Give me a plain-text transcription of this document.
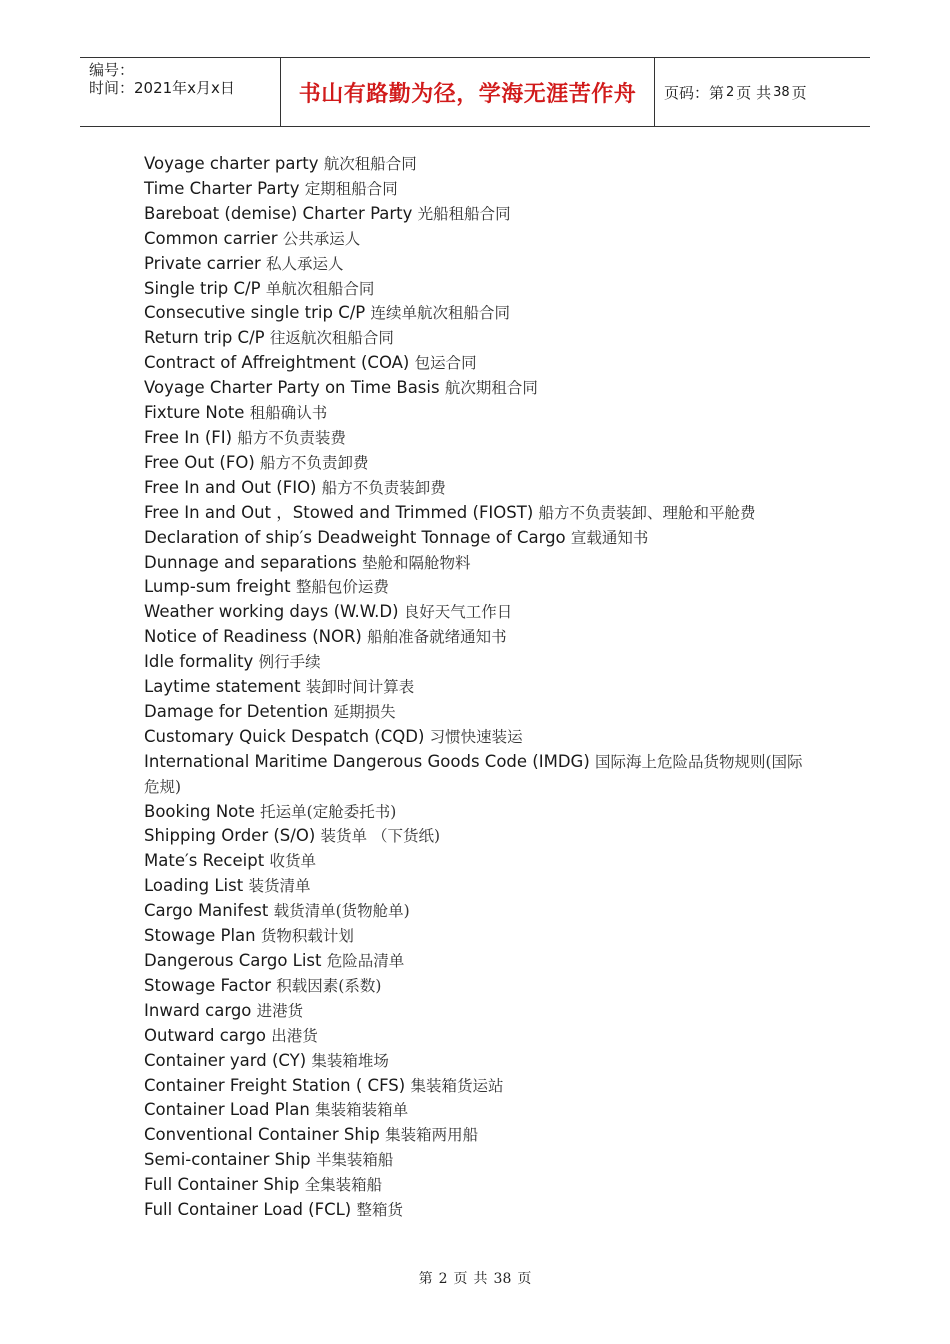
编号：
时间：2021年x月x日	书山有路勤为径，学海无涯苦作舟	页码：第 2 页 共 38 页
Voyage charter party 航次租船合同
Time Charter Party 定期租船合同
Bareboat (demise) Charter Party 光船租船合同
Common carrier 公共承运人
Private carrier 私人承运人
Single trip C/P 单航次租船合同
Consecutive single trip C/P 连续单航次租船合同
Return trip C/P 往返航次租船合同
Contract of Affreightment (COA) 包运合同
Voyage Charter Party on Time Basis 航次期租合同
Fixture Note 租船确认书
Free In (FI) 船方不负责装费
Free Out (FO) 船方不负责卸费
Free In and Out (FIO) 船方不负责装卸费
Free In and Out ，Stowed and Trimmed (FIOST) 船方不负责装卸、理舱和平舱费
Declaration of ship′s Deadweight Tonnage of Cargo 宣载通知书
Dunnage and separations 垫舱和隔舱物料
Lump-sum freight 整船包价运费
Weather working days (W.W.D) 良好天气工作日
Notice of Readiness (NOR) 船舶准备就绪通知书
Idle formality 例行手续
Laytime statement 装卸时间计算表
Damage for Detention 延期损失
Customary Quick Despatch (CQD) 习惯快速装运
International Maritime Dangerous Goods Code (IMDG) 国际海上危险品货物规则(国际危规)
Booking Note 托运单(定舱委托书)
Shipping Order (S/O) 装货单 （下货纸)
Mate′s Receipt 收货单
Loading List 装货清单
Cargo Manifest 载货清单(货物舱单)
Stowage Plan 货物积载计划
Dangerous Cargo List 危险品清单
Stowage Factor 积载因素(系数)
Inward cargo 进港货
Outward cargo 出港货
Container yard (CY) 集装箱堆场
Container Freight Station ( CFS) 集装箱货运站
Container Load Plan 集装箱装箱单
Conventional Container Ship 集装箱两用船
Semi-container Ship 半集装箱船
Full Container Ship 全集装箱船
Full Container Load (FCL) 整箱货
第 2 页 共 38 页
